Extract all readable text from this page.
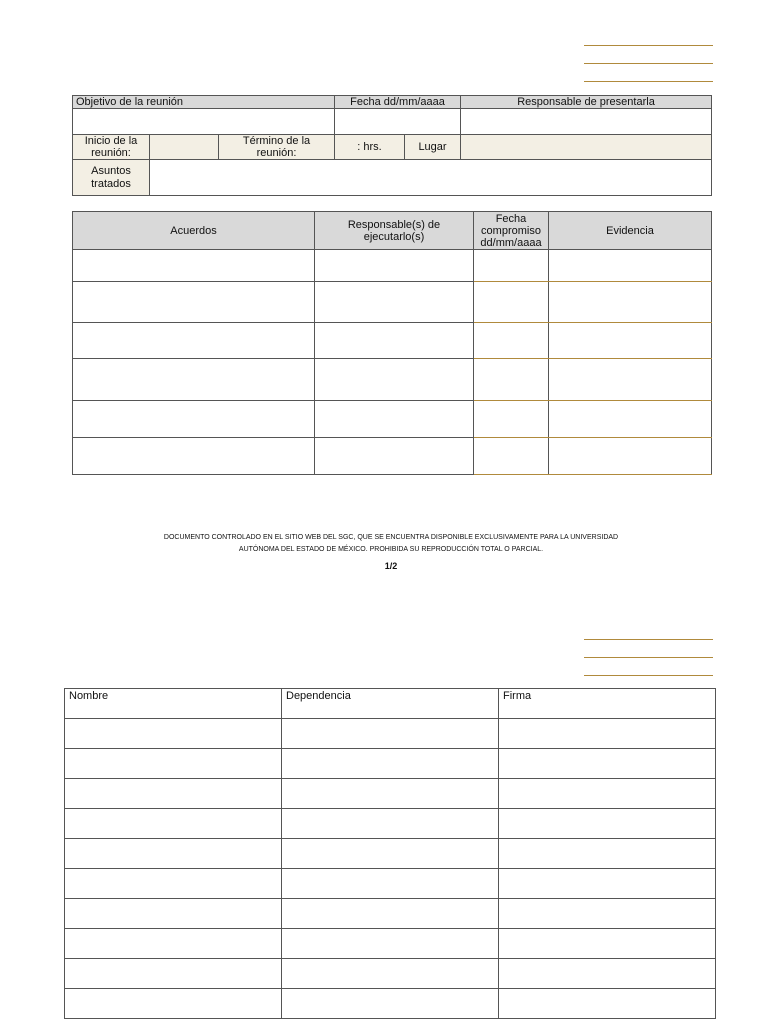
Objetivo de la reunión			Fecha dd/mm/aaaa		Responsable de presentarla

Inicio de la reunión:		Término de la reunión:	: hrs.	Lugar	
Asuntos tratados					
Acuerdos	Responsable(s) de ejecutarlo(s)	Fecha compromiso dd/mm/aaaa	Evidencia

DOCUMENTO CONTROLADO EN EL SITIO WEB DEL SGC, QUE SE ENCUENTRA DISPONIBLE EXCLUSIVAMENTE PARA LA UNIVERSIDAD
AUTÓNOMA DEL ESTADO DE MÉXICO. PROHIBIDA SU REPRODUCCIÓN TOTAL O PARCIAL.
1/2
Nombre	Dependencia	Firma
